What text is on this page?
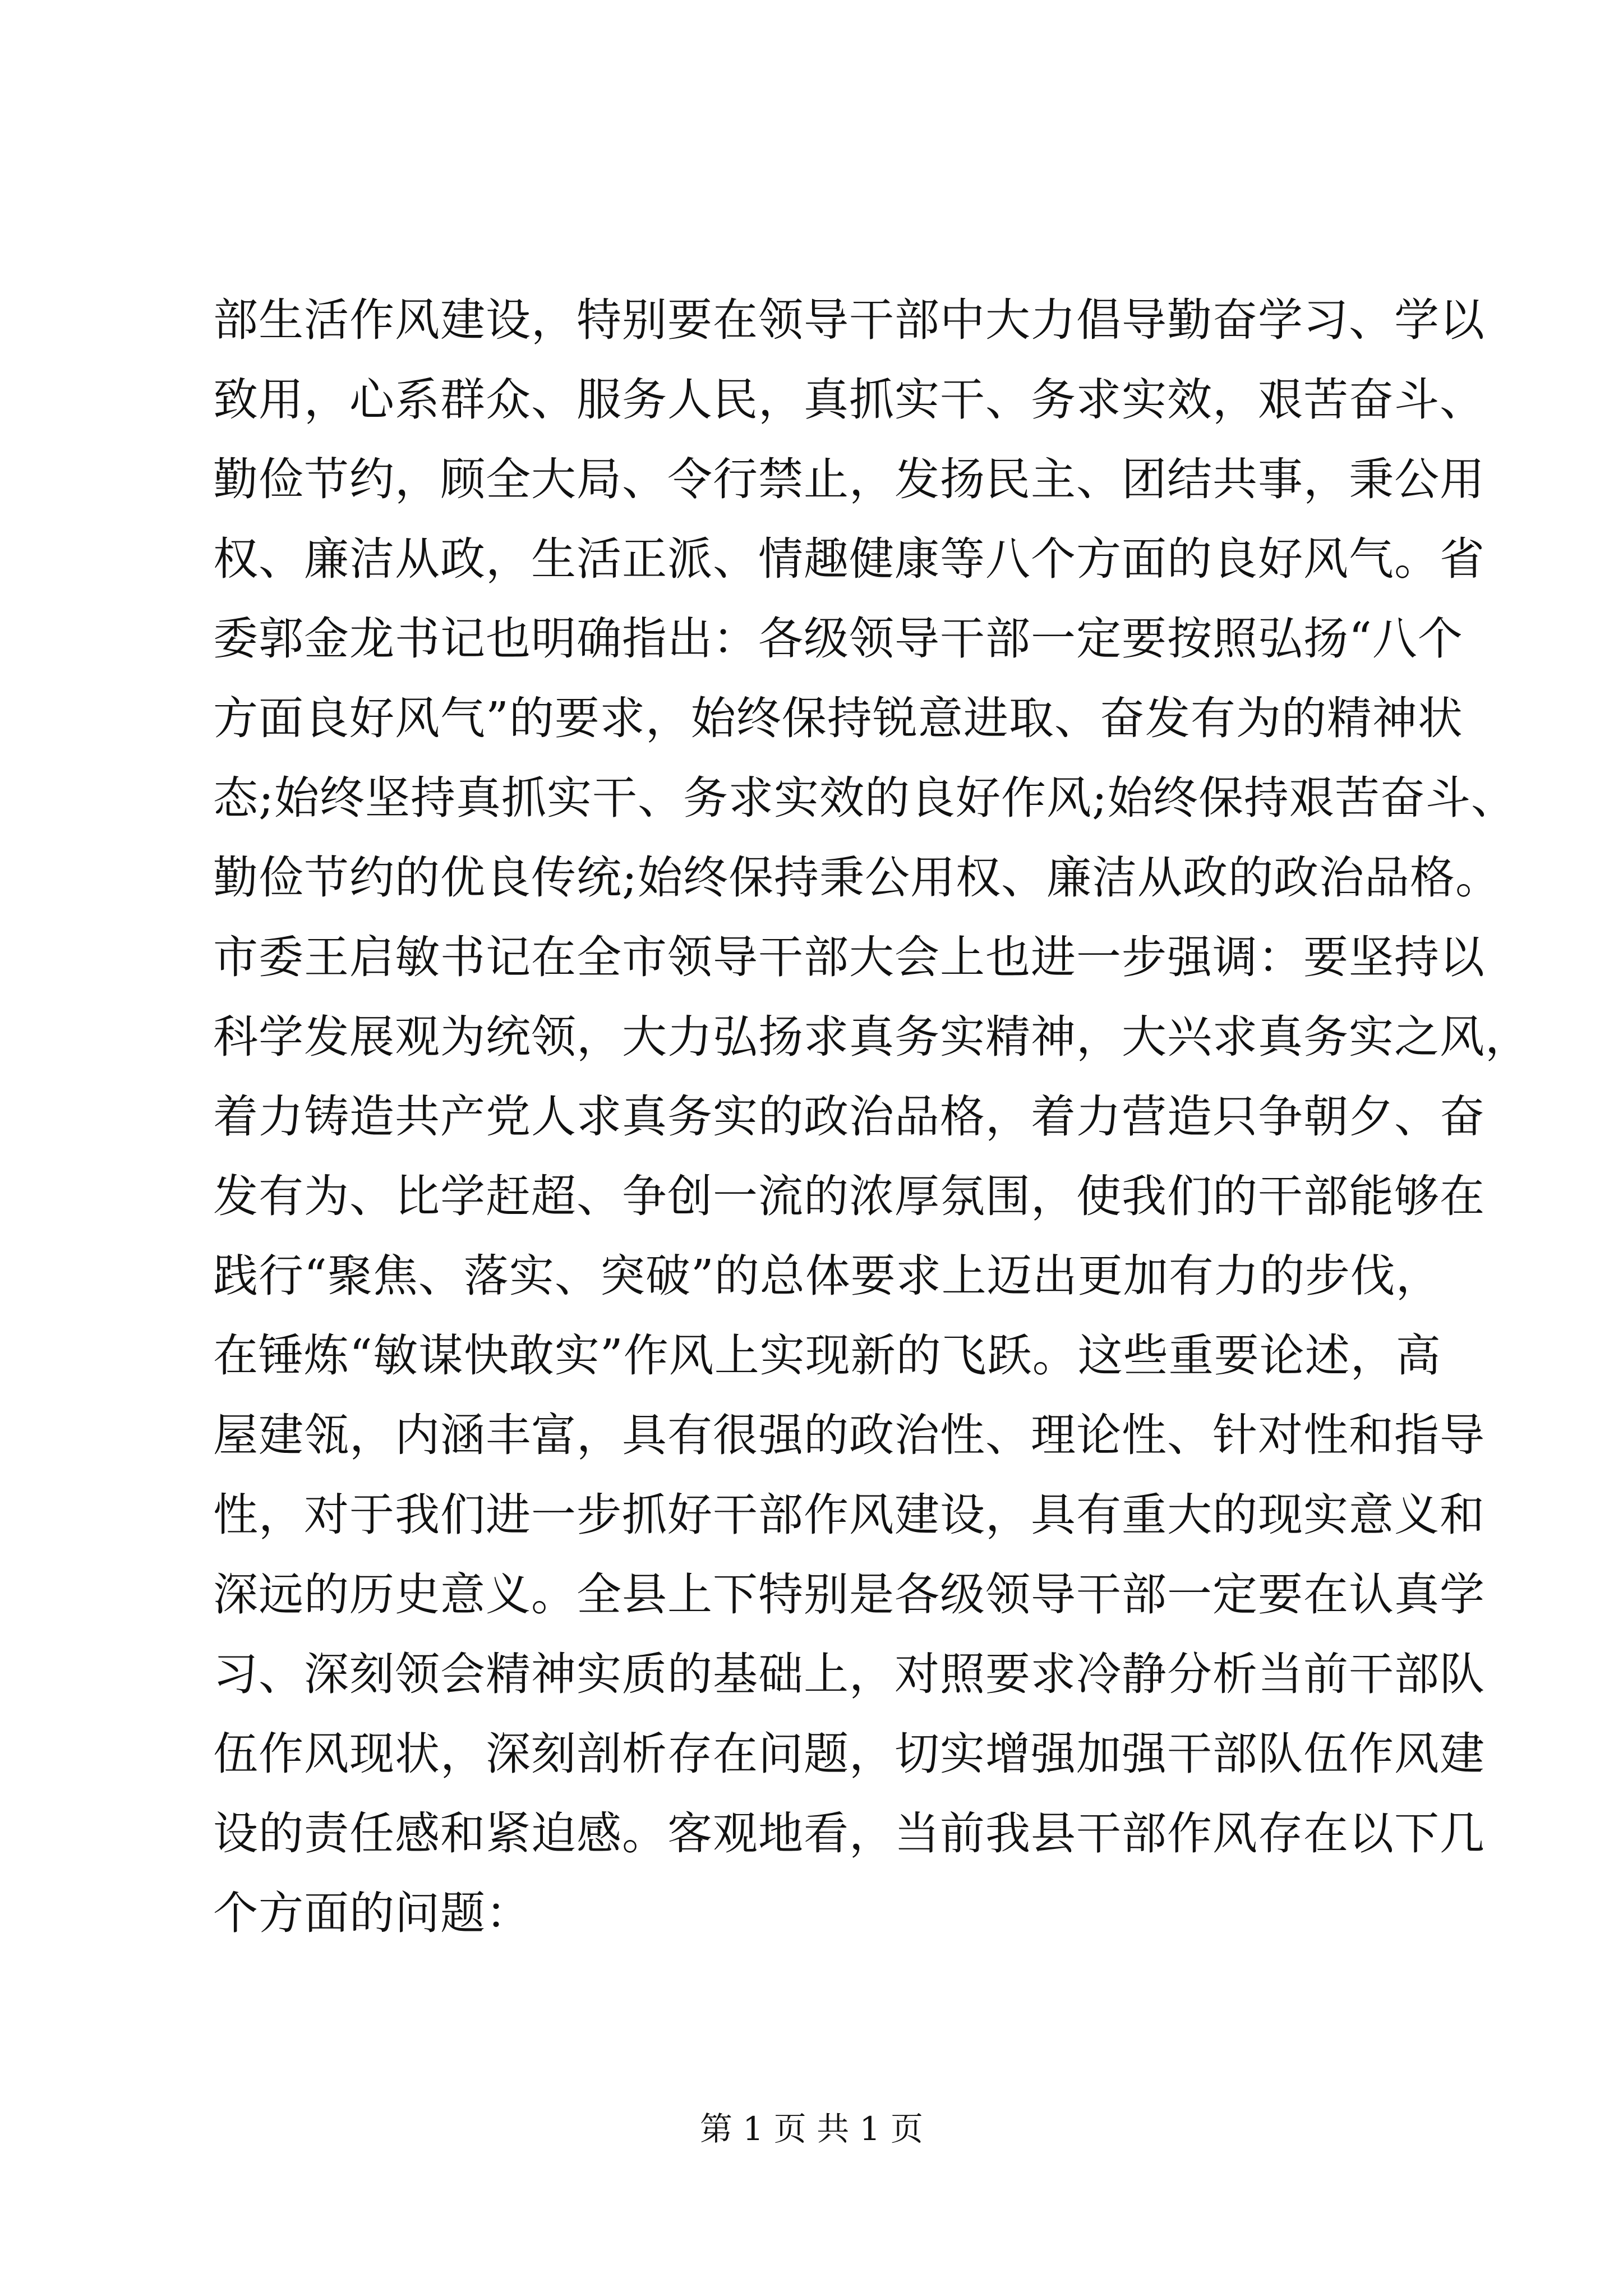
部生活作风建设，特别要在领导干部中大力倡导勤奋学习、学以
致用，心系群众、服务人民，真抓实干、务求实效，艰苦奋斗、
勤俭节约，顾全大局、令行禁止，发扬民主、团结共事，秉公用
权、廉洁从政，生活正派、情趣健康等八个方面的良好风气。省
委郭金龙书记也明确指出：各级领导干部一定要按照弘扬“八个
方面良好风气”的要求，始终保持锐意进取、奋发有为的精神状
态;始终坚持真抓实干、务求实效的良好作风;始终保持艰苦奋斗、
勤俭节约的优良传统;始终保持秉公用权、廉洁从政的政治品格。
市委王启敏书记在全市领导干部大会上也进一步强调：要坚持以
科学发展观为统领，大力弘扬求真务实精神，大兴求真务实之风，
着力铸造共产党人求真务实的政治品格，着力营造只争朝夕、奋
发有为、比学赶超、争创一流的浓厚氛围，使我们的干部能够在
践行“聚焦、落实、突破”的总体要求上迈出更加有力的步伐，
在锤炼“敏谋快敢实”作风上实现新的飞跃。这些重要论述，高
屋建瓴，内涵丰富，具有很强的政治性、理论性、针对性和指导
性，对于我们进一步抓好干部作风建设，具有重大的现实意义和
深远的历史意义。全县上下特别是各级领导干部一定要在认真学
习、深刻领会精神实质的基础上，对照要求冷静分析当前干部队
伍作风现状，深刻剖析存在问题，切实增强加强干部队伍作风建
设的责任感和紧迫感。客观地看，当前我县干部作风存在以下几
个方面的问题：
第 1 页 共 1 页
